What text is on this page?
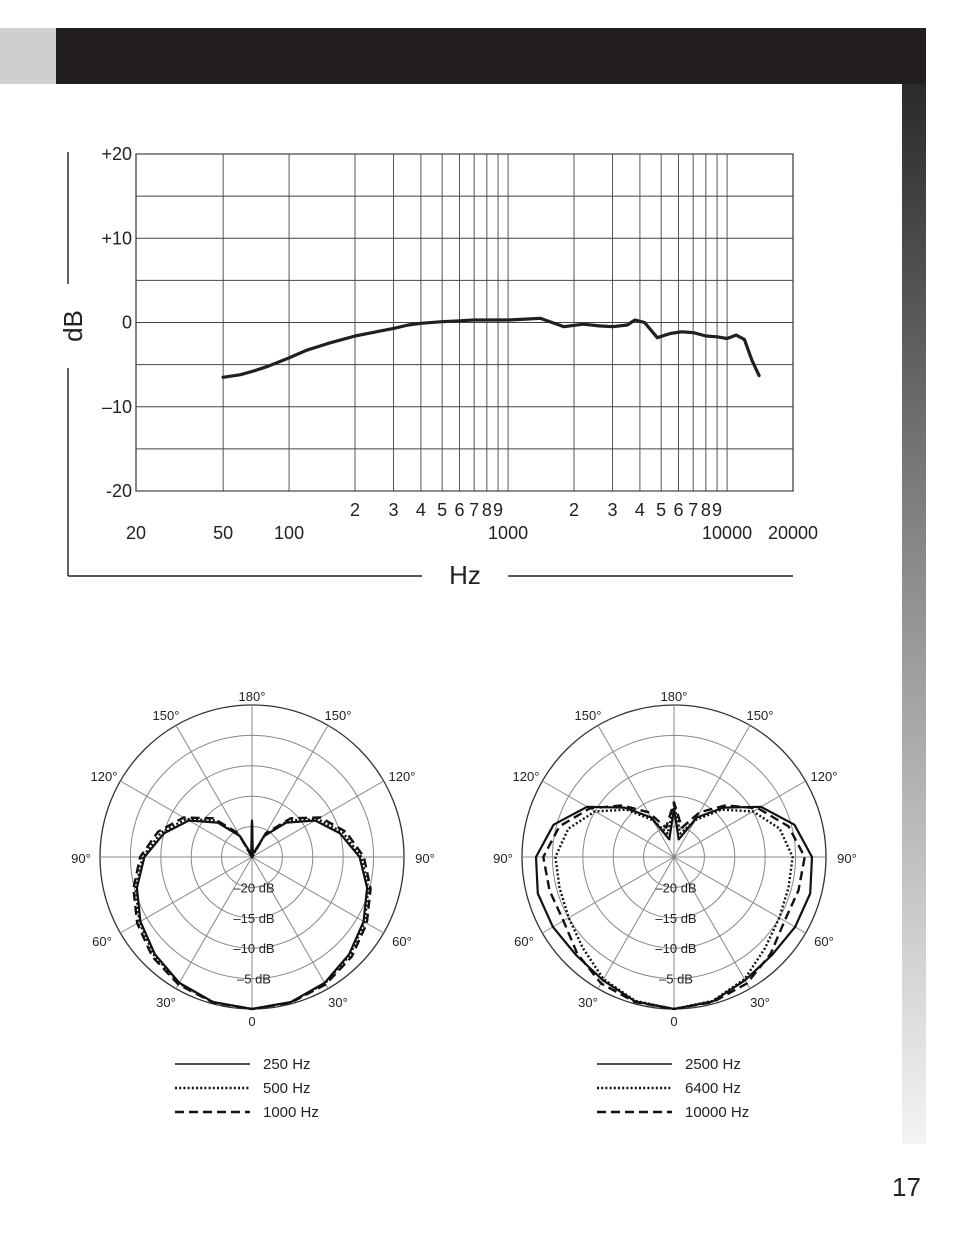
+20
+10
0
–10
-20
2 3 4 5 6 7 8 9	2 3 4 5 6 7 8 9
20	50 100	1000	10000 20000
dB
Hz
180°
150°	150°
120°	120°
90°	90°
60°	60°
30°	30°
0
–20 dB
–15 dB
–10 dB
–5 dB
250 Hz
500 Hz
1000 Hz
180°
150°	150°
120°	120°
90°	90°
60°	60°
30°	30°
0
–20 dB
–15 dB
–10 dB
–5 dB
2500 Hz
6400 Hz
10000 Hz
17
